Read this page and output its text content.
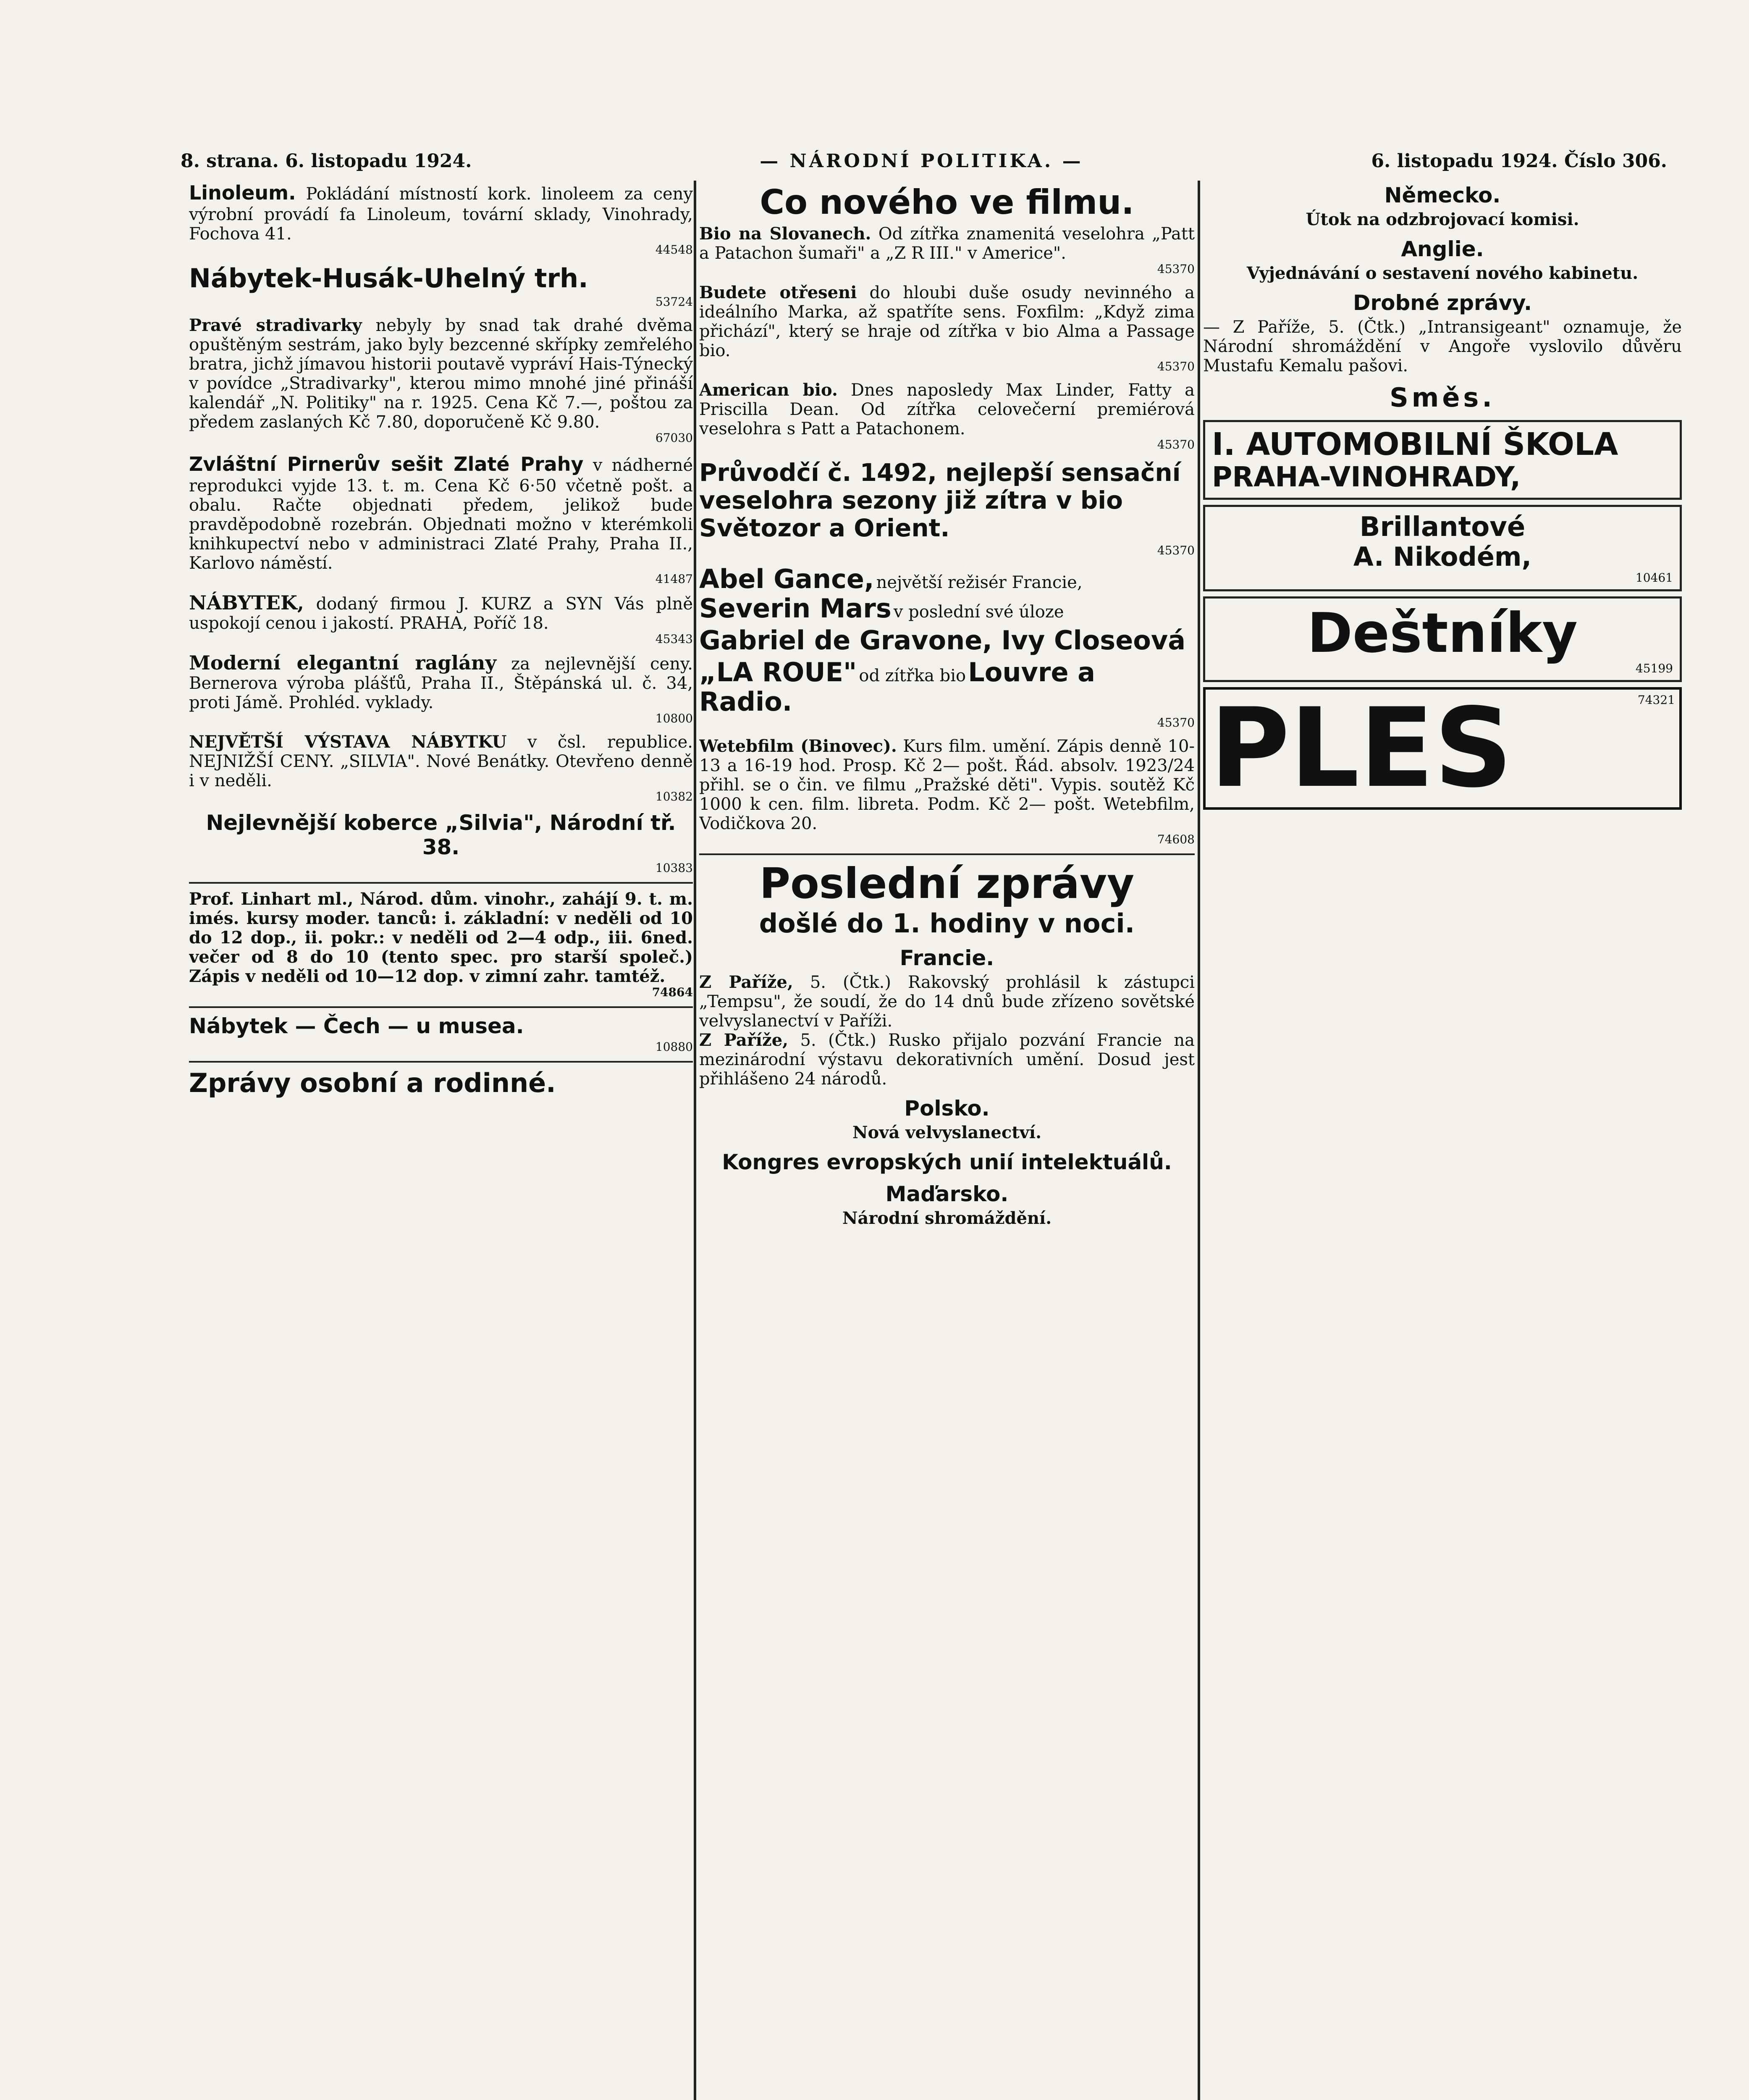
8. strana. 6. listopadu 1924.	— NÁRODNÍ POLITIKA. —	6. listopadu 1924. Číslo 306.
Linoleum. Pokládání místností kork. linoleem za ceny výrobní provádí fa Linoleum, tovární sklady, Vinohrady, Fochova 41.
44548
Nábytek-Husák-Uhelný trh.
53724
Pravé stradivarky nebyly by snad tak drahé dvěma opuštěným sestrám, jako byly bezcenné skřípky zemřelého bratra, jichž jímavou historii poutavě vypráví Hais-Týnecký v povídce „Stradivarky", kterou mimo mnohé jiné přináší kalendář „N. Politiky" na r. 1925. Cena Kč 7.—, poštou za předem zaslaných Kč 7.80, doporučeně Kč 9.80.
67030
Zvláštní Pirnerův sešit Zlaté Prahy v nádherné reprodukci vyjde 13. t. m. Cena Kč 6·50 včetně pošt. a obalu. Račte objednati předem, jelikož bude pravděpodobně rozebrán. Objednati možno v kterémkoli knihkupectví nebo v administraci Zlaté Prahy, Praha II., Karlovo náměstí.
41487
NÁBYTEK, dodaný firmou J. KURZ a SYN Vás plně uspokojí cenou i jakostí. PRAHA, Poříč 18.
45343
Moderní elegantní raglány za nejlevnější ceny. Bernerova výroba plášťů, Praha II., Štěpánská ul. č. 34, proti Jámě. Prohléd. vyklady.
10800
NEJVĚTŠÍ VÝSTAVA NÁBYTKU v čsl. republice. NEJNIŽŠÍ CENY. „SILVIA". Nové Benátky. Otevřeno denně i v neděli.
10382
Nejlevnější koberce „Silvia", Národní tř. 38.
10383
Prof. Linhart ml., Národ. dům. vinohr., zahájí 9. t. m. imés. kursy moder. tanců: i. základní: v neděli od 10 do 12 dop., ii. pokr.: v neděli od 2—4 odp., iii. 6ned. večer od 8 do 10 (tento spec. pro starší společ.) Zápis v neděli od 10—12 dop. v zimní zahr. tamtéž.
74864
Nábytek — Čech — u musea.
10880
Zprávy osobní a rodinné.
Co nového ve filmu.
Bio na Slovanech. Od zítřka znamenitá veselohra „Patt a Patachon šumaři" a „Z R III." v Americe".
45370
Budete otřeseni do hloubi duše osudy nevinného a ideálního Marka, až spatříte sens. Foxfilm: „Když zima přichází", který se hraje od zítřka v bio Alma a Passage bio.
45370
American bio. Dnes naposledy Max Linder, Fatty a Priscilla Dean. Od zítřka celovečerní premiérová veselohra s Patt a Patachonem.
45370
Průvodčí č. 1492, nejlepší sensační veselohra sezony již zítra v bio Světozor a Orient.
45370
Abel Gance, největší režisér Francie,
Severin Mars v poslední své úloze
Gabriel de Gravone, Ivy Closeová
„LA ROUE" od zítřka bio Louvre a Radio.
45370
Wetebfilm (Binovec). Kurs film. umění. Zápis denně 10-13 a 16-19 hod. Prosp. Kč 2— pošt. Řád. absolv. 1923/24 přihl. se o čin. ve filmu „Pražské děti". Vypis. soutěž Kč 1000 k cen. film. libreta. Podm. Kč 2— pošt. Wetebfilm, Vodičkova 20.
74608
Poslední zprávy
došlé do 1. hodiny v noci.
Francie.
Z Paříže, 5. (Čtk.) Rakovský prohlásil k zástupci „Tempsu", že soudí, že do 14 dnů bude zřízeno sovětské velvyslanectví v Paříži.
Z Paříže, 5. (Čtk.) Rusko přijalo pozvání Francie na mezinárodní výstavu dekorativních umění. Dosud jest přihlášeno 24 národů.
Polsko.
Nová velvyslanectví.
Kongres evropských unií intelektuálů.
Maďarsko.
Národní shromáždění.
Německo.
Útok na odzbrojovací komisi.
Anglie.
Vyjednávání o sestavení nového kabinetu.
Drobné zprávy.
— Z Paříže, 5. (Čtk.) „Intransigeant" oznamuje, že Národní shromáždění v Angoře vyslovilo důvěru Mustafu Kemalu pašovi.
Směs.
I. AUTOMOBILNÍ ŠKOLA
PRAHA-VINOHRADY,
Brillantové
A. Nikodém,
10461
Deštníky
45199
PLES	74321
